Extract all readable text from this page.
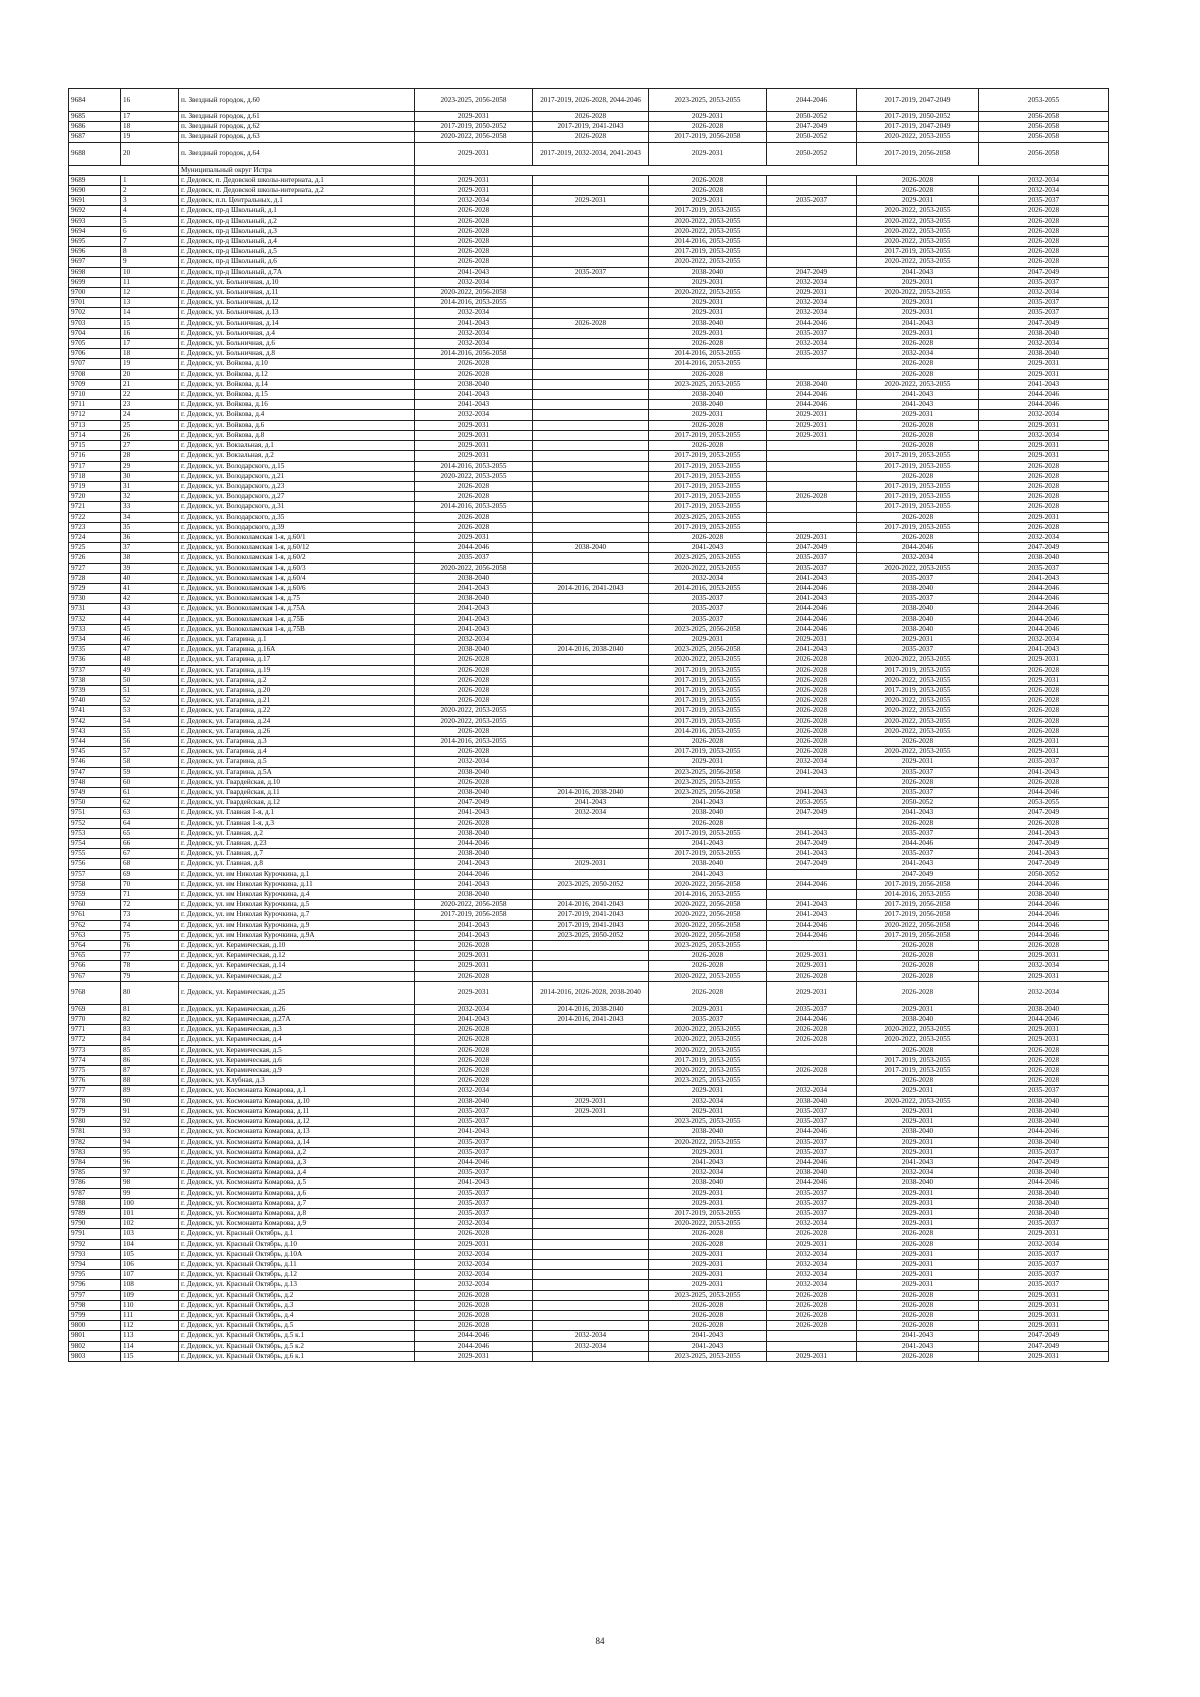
9684	16	п. Звездный городок, д.60	2023-2025, 2056-2058	2017-2019, 2026-2028, 2044-2046	2023-2025, 2053-2055	2044-2046	2017-2019, 2047-2049	2053-2055
9685	17	п. Звездный городок, д.61	2029-2031	2026-2028	2029-2031	2050-2052	2017-2019, 2050-2052	2056-2058
9686	18	п. Звездный городок, д.62	2017-2019, 2050-2052	2017-2019, 2041-2043	2026-2028	2047-2049	2017-2019, 2047-2049	2056-2058
9687	19	п. Звездный городок, д.63	2020-2022, 2056-2058	2026-2028	2017-2019, 2056-2058	2050-2052	2020-2022, 2053-2055	2056-2058
9688	20	п. Звездный городок, д.64	2029-2031	2017-2019, 2032-2034, 2041-2043	2029-2031	2050-2052	2017-2019, 2056-2058	2056-2058
		Муниципальный округ Истра						
9689	1	г. Дедовск, п. Дедовской школы-интерната, д.1	2029-2031		2026-2028		2026-2028	2032-2034
9690	2	г. Дедовск, п. Дедовской школы-интерната, д.2	2029-2031		2026-2028		2026-2028	2032-2034
9691	3	г. Дедовск, п.п. Центральных, д.1	2032-2034	2029-2031	2029-2031	2035-2037	2029-2031	2035-2037
9692	4	г. Дедовск, пр-д Школьный, д.1	2026-2028		2017-2019, 2053-2055		2020-2022, 2053-2055	2026-2028
9693	5	г. Дедовск, пр-д Школьный, д.2	2026-2028		2020-2022, 2053-2055		2020-2022, 2053-2055	2026-2028
9694	6	г. Дедовск, пр-д Школьный, д.3	2026-2028		2020-2022, 2053-2055		2020-2022, 2053-2055	2026-2028
9695	7	г. Дедовск, пр-д Школьный, д.4	2026-2028		2014-2016, 2053-2055		2020-2022, 2053-2055	2026-2028
9696	8	г. Дедовск, пр-д Школьный, д.5	2026-2028		2017-2019, 2053-2055		2017-2019, 2053-2055	2026-2028
9697	9	г. Дедовск, пр-д Школьный, д.6	2026-2028		2020-2022, 2053-2055		2020-2022, 2053-2055	2026-2028
9698	10	г. Дедовск, пр-д Школьный, д.7А	2041-2043	2035-2037	2038-2040	2047-2049	2041-2043	2047-2049
9699	11	г. Дедовск, ул. Больничная, д.10	2032-2034		2029-2031	2032-2034	2029-2031	2035-2037
9700	12	г. Дедовск, ул. Больничная, д.11	2020-2022, 2056-2058		2020-2022, 2053-2055	2029-2031	2020-2022, 2053-2055	2032-2034
9701	13	г. Дедовск, ул. Больничная, д.12	2014-2016, 2053-2055		2029-2031	2032-2034	2029-2031	2035-2037
9702	14	г. Дедовск, ул. Больничная, д.13	2032-2034		2029-2031	2032-2034	2029-2031	2035-2037
9703	15	г. Дедовск, ул. Больничная, д.14	2041-2043	2026-2028	2038-2040	2044-2046	2041-2043	2047-2049
9704	16	г. Дедовск, ул. Больничная, д.4	2032-2034		2029-2031	2035-2037	2029-2031	2038-2040
9705	17	г. Дедовск, ул. Больничная, д.6	2032-2034		2026-2028	2032-2034	2026-2028	2032-2034
9706	18	г. Дедовск, ул. Больничная, д.8	2014-2016, 2056-2058		2014-2016, 2053-2055	2035-2037	2032-2034	2038-2040
9707	19	г. Дедовск, ул. Войкова, д.10	2026-2028		2014-2016, 2053-2055		2026-2028	2029-2031
9708	20	г. Дедовск, ул. Войкова, д.12	2026-2028		2026-2028		2026-2028	2029-2031
9709	21	г. Дедовск, ул. Войкова, д.14	2038-2040		2023-2025, 2053-2055	2038-2040	2020-2022, 2053-2055	2041-2043
9710	22	г. Дедовск, ул. Войкова, д.15	2041-2043		2038-2040	2044-2046	2041-2043	2044-2046
9711	23	г. Дедовск, ул. Войкова, д.16	2041-2043		2038-2040	2044-2046	2041-2043	2044-2046
9712	24	г. Дедовск, ул. Войкова, д.4	2032-2034		2029-2031	2029-2031	2029-2031	2032-2034
9713	25	г. Дедовск, ул. Войкова, д.6	2029-2031		2026-2028	2029-2031	2026-2028	2029-2031
9714	26	г. Дедовск, ул. Войкова, д.8	2029-2031		2017-2019, 2053-2055	2029-2031	2026-2028	2032-2034
9715	27	г. Дедовск, ул. Вокзальная, д.1	2029-2031		2026-2028		2026-2028	2029-2031
9716	28	г. Дедовск, ул. Вокзальная, д.2	2029-2031		2017-2019, 2053-2055		2017-2019, 2053-2055	2029-2031
9717	29	г. Дедовск, ул. Володарского, д.15	2014-2016, 2053-2055		2017-2019, 2053-2055		2017-2019, 2053-2055	2026-2028
9718	30	г. Дедовск, ул. Володарского, д.21	2020-2022, 2053-2055		2017-2019, 2053-2055		2026-2028	2026-2028
9719	31	г. Дедовск, ул. Володарского, д.23	2026-2028		2017-2019, 2053-2055		2017-2019, 2053-2055	2026-2028
9720	32	г. Дедовск, ул. Володарского, д.27	2026-2028		2017-2019, 2053-2055	2026-2028	2017-2019, 2053-2055	2026-2028
9721	33	г. Дедовск, ул. Володарского, д.31	2014-2016, 2053-2055		2017-2019, 2053-2055		2017-2019, 2053-2055	2026-2028
9722	34	г. Дедовск, ул. Володарского, д.35	2026-2028		2023-2025, 2053-2055		2026-2028	2029-2031
9723	35	г. Дедовск, ул. Володарского, д.39	2026-2028		2017-2019, 2053-2055		2017-2019, 2053-2055	2026-2028
9724	36	г. Дедовск, ул. Волоколамская 1-я, д.60/1	2029-2031		2026-2028	2029-2031	2026-2028	2032-2034
9725	37	г. Дедовск, ул. Волоколамская 1-я, д.60/12	2044-2046	2038-2040	2041-2043	2047-2049	2044-2046	2047-2049
9726	38	г. Дедовск, ул. Волоколамская 1-я, д.60/2	2035-2037		2023-2025, 2053-2055	2035-2037	2032-2034	2038-2040
9727	39	г. Дедовск, ул. Волоколамская 1-я, д.60/3	2020-2022, 2056-2058		2020-2022, 2053-2055	2035-2037	2020-2022, 2053-2055	2035-2037
9728	40	г. Дедовск, ул. Волоколамская 1-я, д.60/4	2038-2040		2032-2034	2041-2043	2035-2037	2041-2043
9729	41	г. Дедовск, ул. Волоколамская 1-я, д.60/6	2041-2043	2014-2016, 2041-2043	2014-2016, 2053-2055	2044-2046	2038-2040	2044-2046
9730	42	г. Дедовск, ул. Волоколамская 1-я, д.75	2038-2040		2035-2037	2041-2043	2035-2037	2044-2046
9731	43	г. Дедовск, ул. Волоколамская 1-я, д.75А	2041-2043		2035-2037	2044-2046	2038-2040	2044-2046
9732	44	г. Дедовск, ул. Волоколамская 1-я, д.75Б	2041-2043		2035-2037	2044-2046	2038-2040	2044-2046
9733	45	г. Дедовск, ул. Волоколамская 1-я, д.75В	2041-2043		2023-2025, 2056-2058	2044-2046	2038-2040	2044-2046
9734	46	г. Дедовск, ул. Гагарина, д.1	2032-2034		2029-2031	2029-2031	2029-2031	2032-2034
9735	47	г. Дедовск, ул. Гагарина, д.16А	2038-2040	2014-2016, 2038-2040	2023-2025, 2056-2058	2041-2043	2035-2037	2041-2043
9736	48	г. Дедовск, ул. Гагарина, д.17	2026-2028		2020-2022, 2053-2055	2026-2028	2020-2022, 2053-2055	2029-2031
9737	49	г. Дедовск, ул. Гагарина, д.19	2026-2028		2017-2019, 2053-2055	2026-2028	2017-2019, 2053-2055	2026-2028
9738	50	г. Дедовск, ул. Гагарина, д.2	2026-2028		2017-2019, 2053-2055	2026-2028	2020-2022, 2053-2055	2029-2031
9739	51	г. Дедовск, ул. Гагарина, д.20	2026-2028		2017-2019, 2053-2055	2026-2028	2017-2019, 2053-2055	2026-2028
9740	52	г. Дедовск, ул. Гагарина, д.21	2026-2028		2017-2019, 2053-2055	2026-2028	2020-2022, 2053-2055	2026-2028
9741	53	г. Дедовск, ул. Гагарина, д.22	2020-2022, 2053-2055		2017-2019, 2053-2055	2026-2028	2020-2022, 2053-2055	2026-2028
9742	54	г. Дедовск, ул. Гагарина, д.24	2020-2022, 2053-2055		2017-2019, 2053-2055	2026-2028	2020-2022, 2053-2055	2026-2028
9743	55	г. Дедовск, ул. Гагарина, д.26	2026-2028		2014-2016, 2053-2055	2026-2028	2020-2022, 2053-2055	2026-2028
9744	56	г. Дедовск, ул. Гагарина, д.3	2014-2016, 2053-2055		2026-2028	2026-2028	2026-2028	2029-2031
9745	57	г. Дедовск, ул. Гагарина, д.4	2026-2028		2017-2019, 2053-2055	2026-2028	2020-2022, 2053-2055	2029-2031
9746	58	г. Дедовск, ул. Гагарина, д.5	2032-2034		2029-2031	2032-2034	2029-2031	2035-2037
9747	59	г. Дедовск, ул. Гагарина, д.5А	2038-2040		2023-2025, 2056-2058	2041-2043	2035-2037	2041-2043
9748	60	г. Дедовск, ул. Гвардейская, д.10	2026-2028		2023-2025, 2053-2055		2026-2028	2026-2028
9749	61	г. Дедовск, ул. Гвардейская, д.11	2038-2040	2014-2016, 2038-2040	2023-2025, 2056-2058	2041-2043	2035-2037	2044-2046
9750	62	г. Дедовск, ул. Гвардейская, д.12	2047-2049	2041-2043	2041-2043	2053-2055	2050-2052	2053-2055
9751	63	г. Дедовск, ул. Главная 1-я, д.1	2041-2043	2032-2034	2038-2040	2047-2049	2041-2043	2047-2049
9752	64	г. Дедовск, ул. Главная 1-я, д.3	2026-2028		2026-2028		2026-2028	2026-2028
9753	65	г. Дедовск, ул. Главная, д.2	2038-2040		2017-2019, 2053-2055	2041-2043	2035-2037	2041-2043
9754	66	г. Дедовск, ул. Главная, д.23	2044-2046		2041-2043	2047-2049	2044-2046	2047-2049
9755	67	г. Дедовск, ул. Главная, д.7	2038-2040		2017-2019, 2053-2055	2041-2043	2035-2037	2041-2043
9756	68	г. Дедовск, ул. Главная, д.8	2041-2043	2029-2031	2038-2040	2047-2049	2041-2043	2047-2049
9757	69	г. Дедовск, ул. им Николая Курочкина, д.1	2044-2046		2041-2043		2047-2049	2050-2052
9758	70	г. Дедовск, ул. им Николая Курочкина, д.11	2041-2043	2023-2025, 2050-2052	2020-2022, 2056-2058	2044-2046	2017-2019, 2056-2058	2044-2046
9759	71	г. Дедовск, ул. им Николая Курочкина, д.4	2038-2040		2014-2016, 2053-2055		2014-2016, 2053-2055	2038-2040
9760	72	г. Дедовск, ул. им Николая Курочкина, д.5	2020-2022, 2056-2058	2014-2016, 2041-2043	2020-2022, 2056-2058	2041-2043	2017-2019, 2056-2058	2044-2046
9761	73	г. Дедовск, ул. им Николая Курочкина, д.7	2017-2019, 2056-2058	2017-2019, 2041-2043	2020-2022, 2056-2058	2041-2043	2017-2019, 2056-2058	2044-2046
9762	74	г. Дедовск, ул. им Николая Курочкина, д.9	2041-2043	2017-2019, 2041-2043	2020-2022, 2056-2058	2044-2046	2020-2022, 2056-2058	2044-2046
9763	75	г. Дедовск, ул. им Николая Курочкина, д.9А	2041-2043	2023-2025, 2050-2052	2020-2022, 2056-2058	2044-2046	2017-2019, 2056-2058	2044-2046
9764	76	г. Дедовск, ул. Керамическая, д.10	2026-2028		2023-2025, 2053-2055		2026-2028	2026-2028
9765	77	г. Дедовск, ул. Керамическая, д.12	2029-2031		2026-2028	2029-2031	2026-2028	2029-2031
9766	78	г. Дедовск, ул. Керамическая, д.14	2029-2031		2026-2028	2029-2031	2026-2028	2032-2034
9767	79	г. Дедовск, ул. Керамическая, д.2	2026-2028		2020-2022, 2053-2055	2026-2028	2026-2028	2029-2031
9768	80	г. Дедовск, ул. Керамическая, д.25	2029-2031	2014-2016, 2026-2028, 2038-2040	2026-2028	2029-2031	2026-2028	2032-2034
9769	81	г. Дедовск, ул. Керамическая, д.26	2032-2034	2014-2016, 2038-2040	2029-2031	2035-2037	2029-2031	2038-2040
9770	82	г. Дедовск, ул. Керамическая, д.27А	2041-2043	2014-2016, 2041-2043	2035-2037	2044-2046	2038-2040	2044-2046
9771	83	г. Дедовск, ул. Керамическая, д.3	2026-2028		2020-2022, 2053-2055	2026-2028	2020-2022, 2053-2055	2029-2031
9772	84	г. Дедовск, ул. Керамическая, д.4	2026-2028		2020-2022, 2053-2055	2026-2028	2020-2022, 2053-2055	2029-2031
9773	85	г. Дедовск, ул. Керамическая, д.5	2026-2028		2020-2022, 2053-2055		2026-2028	2026-2028
9774	86	г. Дедовск, ул. Керамическая, д.6	2026-2028		2017-2019, 2053-2055		2017-2019, 2053-2055	2026-2028
9775	87	г. Дедовск, ул. Керамическая, д.9	2026-2028		2020-2022, 2053-2055	2026-2028	2017-2019, 2053-2055	2026-2028
9776	88	г. Дедовск, ул. Клубная, д.3	2026-2028		2023-2025, 2053-2055		2026-2028	2026-2028
9777	89	г. Дедовск, ул. Космонавта Комарова, д.1	2032-2034		2029-2031	2032-2034	2029-2031	2035-2037
9778	90	г. Дедовск, ул. Космонавта Комарова, д.10	2038-2040	2029-2031	2032-2034	2038-2040	2020-2022, 2053-2055	2038-2040
9779	91	г. Дедовск, ул. Космонавта Комарова, д.11	2035-2037	2029-2031	2029-2031	2035-2037	2029-2031	2038-2040
9780	92	г. Дедовск, ул. Космонавта Комарова, д.12	2035-2037		2023-2025, 2053-2055	2035-2037	2029-2031	2038-2040
9781	93	г. Дедовск, ул. Космонавта Комарова, д.13	2041-2043		2038-2040	2044-2046	2038-2040	2044-2046
9782	94	г. Дедовск, ул. Космонавта Комарова, д.14	2035-2037		2020-2022, 2053-2055	2035-2037	2029-2031	2038-2040
9783	95	г. Дедовск, ул. Космонавта Комарова, д.2	2035-2037		2029-2031	2035-2037	2029-2031	2035-2037
9784	96	г. Дедовск, ул. Космонавта Комарова, д.3	2044-2046		2041-2043	2044-2046	2041-2043	2047-2049
9785	97	г. Дедовск, ул. Космонавта Комарова, д.4	2035-2037		2032-2034	2038-2040	2032-2034	2038-2040
9786	98	г. Дедовск, ул. Космонавта Комарова, д.5	2041-2043		2038-2040	2044-2046	2038-2040	2044-2046
9787	99	г. Дедовск, ул. Космонавта Комарова, д.6	2035-2037		2029-2031	2035-2037	2029-2031	2038-2040
9788	100	г. Дедовск, ул. Космонавта Комарова, д.7	2035-2037		2029-2031	2035-2037	2029-2031	2038-2040
9789	101	г. Дедовск, ул. Космонавта Комарова, д.8	2035-2037		2017-2019, 2053-2055	2035-2037	2029-2031	2038-2040
9790	102	г. Дедовск, ул. Космонавта Комарова, д.9	2032-2034		2020-2022, 2053-2055	2032-2034	2029-2031	2035-2037
9791	103	г. Дедовск, ул. Красный Октябрь, д.1	2026-2028		2026-2028	2026-2028	2026-2028	2029-2031
9792	104	г. Дедовск, ул. Красный Октябрь, д.10	2029-2031		2026-2028	2029-2031	2026-2028	2032-2034
9793	105	г. Дедовск, ул. Красный Октябрь, д.10А	2032-2034		2029-2031	2032-2034	2029-2031	2035-2037
9794	106	г. Дедовск, ул. Красный Октябрь, д.11	2032-2034		2029-2031	2032-2034	2029-2031	2035-2037
9795	107	г. Дедовск, ул. Красный Октябрь, д.12	2032-2034		2029-2031	2032-2034	2029-2031	2035-2037
9796	108	г. Дедовск, ул. Красный Октябрь, д.13	2032-2034		2029-2031	2032-2034	2029-2031	2035-2037
9797	109	г. Дедовск, ул. Красный Октябрь, д.2	2026-2028		2023-2025, 2053-2055	2026-2028	2026-2028	2029-2031
9798	110	г. Дедовск, ул. Красный Октябрь, д.3	2026-2028		2026-2028	2026-2028	2026-2028	2029-2031
9799	111	г. Дедовск, ул. Красный Октябрь, д.4	2026-2028		2026-2028	2026-2028	2026-2028	2029-2031
9800	112	г. Дедовск, ул. Красный Октябрь, д.5	2026-2028		2026-2028	2026-2028	2026-2028	2029-2031
9801	113	г. Дедовск, ул. Красный Октябрь, д.5 к.1	2044-2046	2032-2034	2041-2043		2041-2043	2047-2049
9802	114	г. Дедовск, ул. Красный Октябрь, д.5 к.2	2044-2046	2032-2034	2041-2043		2041-2043	2047-2049
9803	115	г. Дедовск, ул. Красный Октябрь, д.6 к.1	2029-2031		2023-2025, 2053-2055	2029-2031	2026-2028	2029-2031
84
